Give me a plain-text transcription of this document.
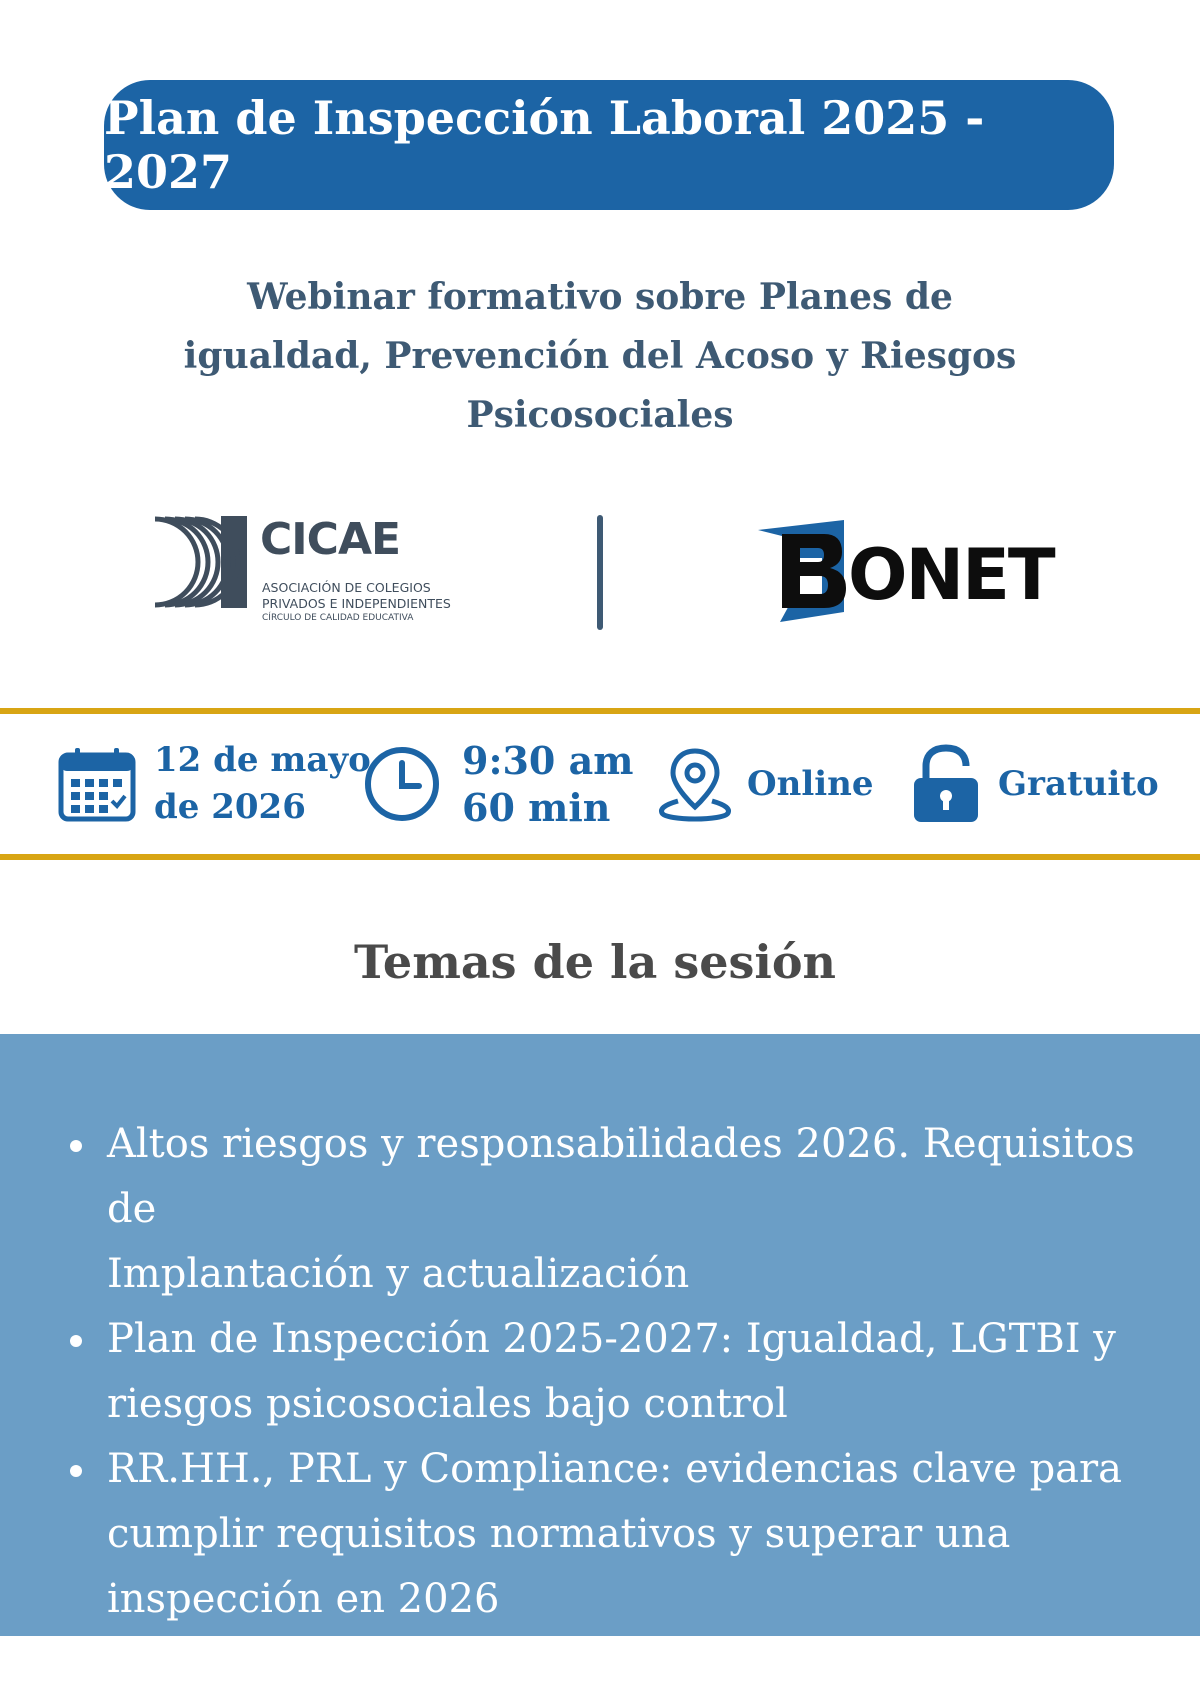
Plan de Inspección Laboral 2025 - 2027
Webinar formativo sobre Planes de
igualdad, Prevención del Acoso y Riesgos
Psicosociales
CICAE
ASOCIACIÓN DE COLEGIOS
PRIVADOS E INDEPENDIENTES
CÍRCULO DE CALIDAD EDUCATIVA
ONET
12 de mayo
de 2026
9:30 am
60 min
Online	Gratuito
Temas de la sesión
Altos riesgos y responsabilidades 2026. Requisitos de
Implantación y actualización
Plan de Inspección 2025-2027: Igualdad, LGTBI y
riesgos psicosociales bajo control
RR.HH., PRL y Compliance: evidencias clave para
cumplir requisitos normativos y superar una
inspección en 2026
